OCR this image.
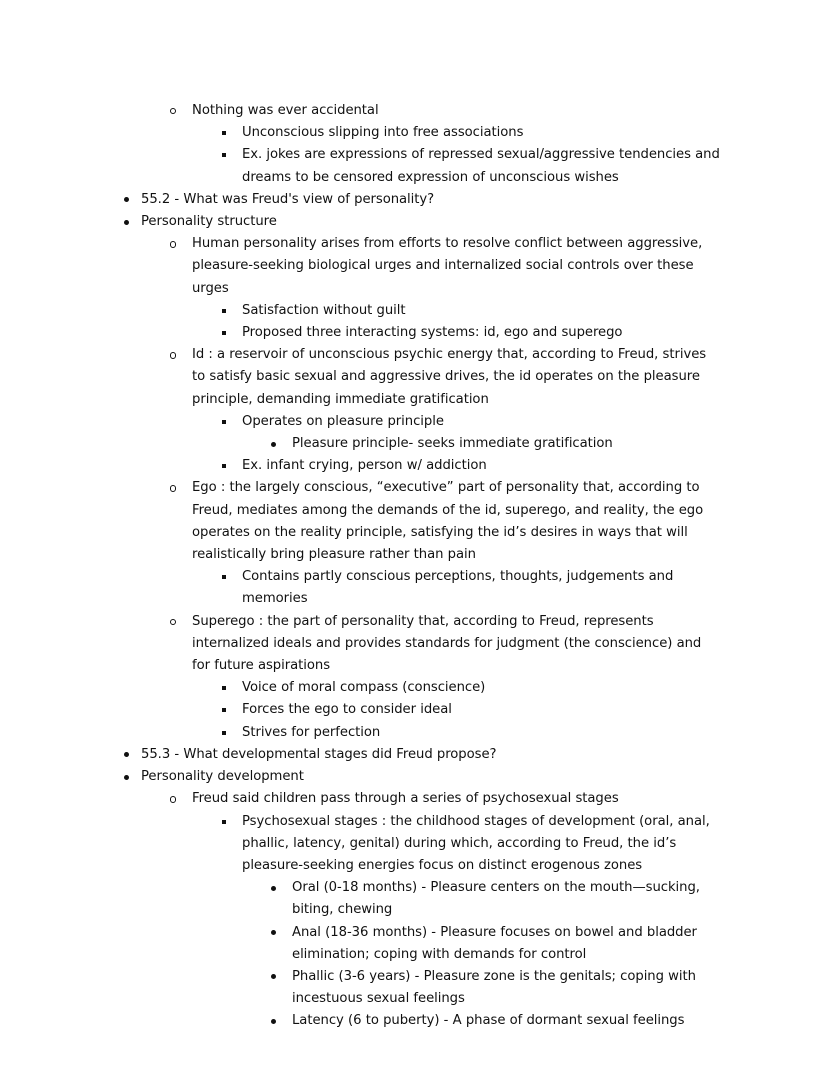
Nothing was ever accidental
Unconscious slipping into free associations
Ex. jokes are expressions of repressed sexual/aggressive tendencies and dreams to be censored expression of unconscious wishes
55.2 - What was Freud's view of personality?
Personality structure
Human personality arises from efforts to resolve conflict between aggressive, pleasure-seeking biological urges and internalized social controls over these urges
Satisfaction without guilt
Proposed three interacting systems: id, ego and superego
Id : a reservoir of unconscious psychic energy that, according to Freud, strives to satisfy basic sexual and aggressive drives, the id operates on the pleasure principle, demanding immediate gratification
Operates on pleasure principle
Pleasure principle- seeks immediate gratification
Ex. infant crying, person w/ addiction
Ego : the largely conscious, “executive” part of personality that, according to Freud, mediates among the demands of the id, superego, and reality, the ego operates on the reality principle, satisfying the id’s desires in ways that will realistically bring pleasure rather than pain
Contains partly conscious perceptions, thoughts, judgements and memories
Superego : the part of personality that, according to Freud, represents internalized ideals and provides standards for judgment (the conscience) and for future aspirations
Voice of moral compass (conscience)
Forces the ego to consider ideal
Strives for perfection
55.3 - What developmental stages did Freud propose?
Personality development
Freud said children pass through a series of psychosexual stages
Psychosexual stages : the childhood stages of development (oral, anal, phallic, latency, genital) during which, according to Freud, the id’s pleasure-seeking energies focus on distinct erogenous zones
Oral (0-18 months) - Pleasure centers on the mouth—sucking, biting, chewing
Anal (18-36 months) - Pleasure focuses on bowel and bladder elimination; coping with demands for control
Phallic (3-6 years) - Pleasure zone is the genitals; coping with incestuous sexual feelings
Latency (6 to puberty) - A phase of dormant sexual feelings
